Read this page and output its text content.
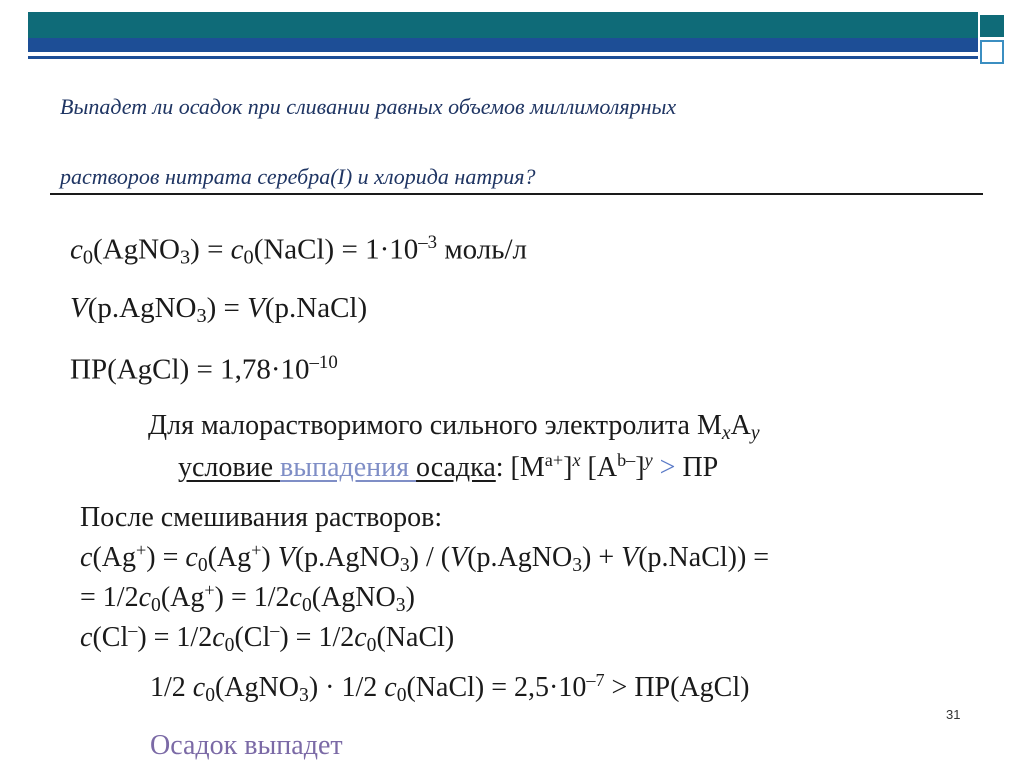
Выпадет ли осадок при сливании равных объемов миллимолярных
растворов нитрата серебра(I) и хлорида натрия?
$c_0(AgNO_3)$ = $c_0(NaCl) = 1\cdot 10^{-3}$ моль/л
V(р.AgNO$_3$) = V(р.NaCl)
ПР(AgCl) = $1,78\cdot 10^{-10}$
Для малорастворимого сильного электролита $M_xA_y$
условие выпадения осадка: $[M^{a+}]^x$ $[A^{b-}]^y$ > ПР
После смешивания растворов:
$c(Ag^+) = c_0(Ag^+)$ V(р.AgNO$_3$) / (V(р.AgNO$_3$) + V(р.NaCl)) =
= $1/2c_0(Ag^+)$ = $1/2c_0(AgNO_3)$
$c(Cl^-) = 1/2c_0(Cl^-)$ = $1/2c_0(NaCl)$
1/2 $c_0(AgNO_3) \cdot 1/2$ $c_0(NaCl) = 2,5\cdot 10^{-7}$ > ПР(AgCl)
Осадок выпадет
31
